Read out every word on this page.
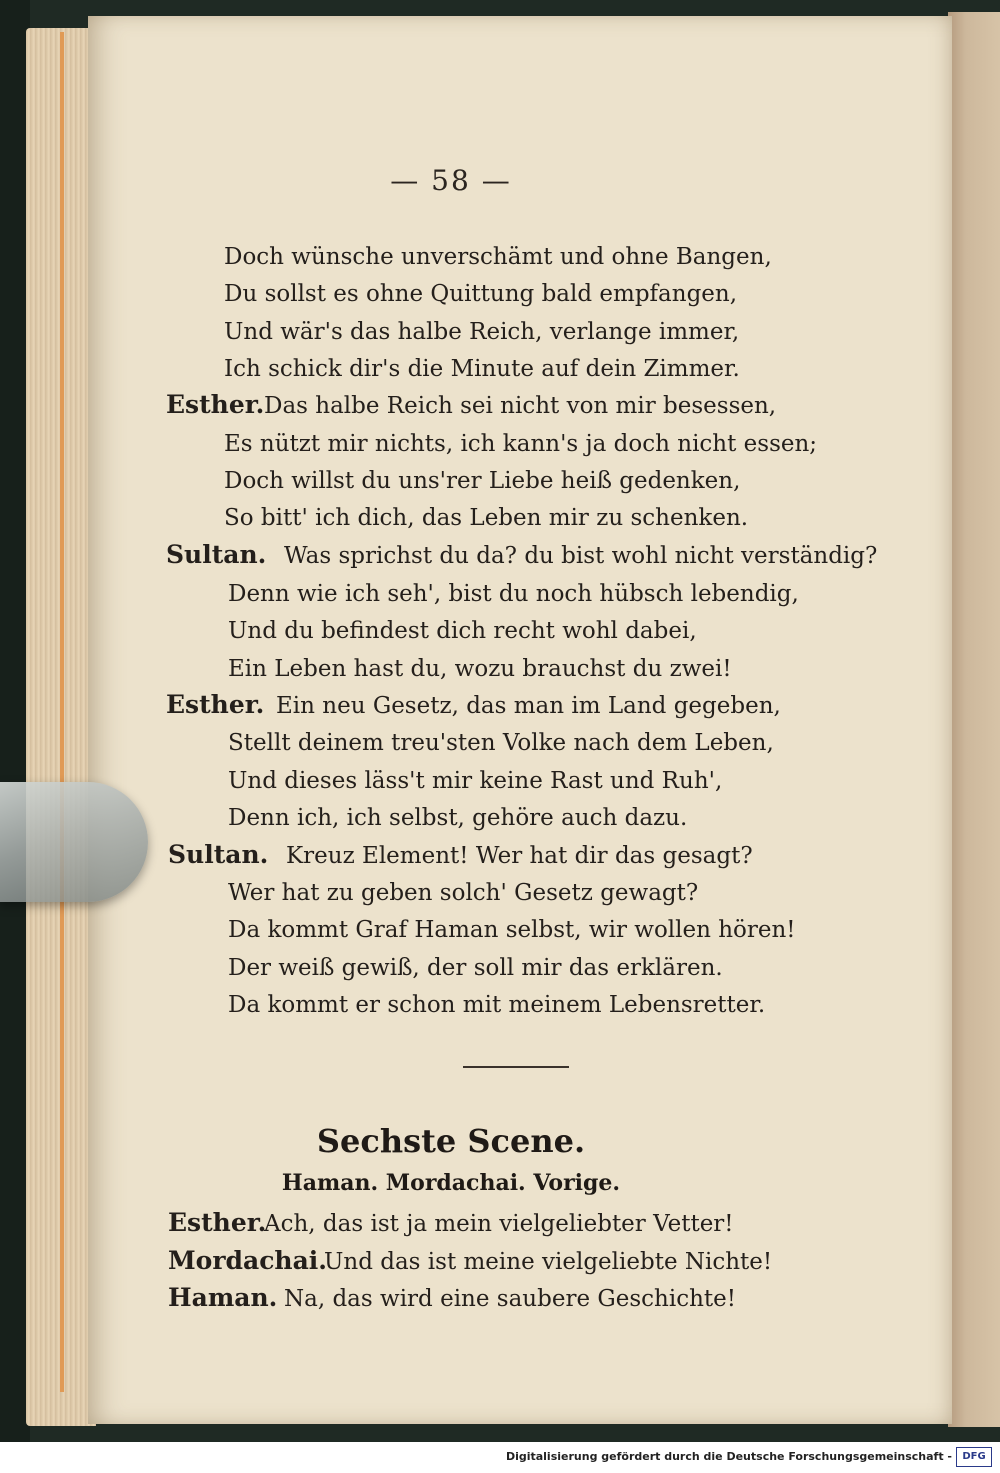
— 58 —
Doch wünsche unverschämt und ohne Bangen,
Du sollst es ohne Quittung bald empfangen,
Und wär's das halbe Reich, verlange immer,
Ich schick dir's die Minute auf dein Zimmer.
Esther. Das halbe Reich sei nicht von mir besessen,
Es nützt mir nichts, ich kann's ja doch nicht essen;
Doch willst du uns'rer Liebe heiß gedenken,
So bitt' ich dich, das Leben mir zu schenken.
Sultan. Was sprichst du da? du bist wohl nicht verständig?
Denn wie ich seh', bist du noch hübsch lebendig,
Und du befindest dich recht wohl dabei,
Ein Leben hast du, wozu brauchst du zwei!
Esther. Ein neu Gesetz, das man im Land gegeben,
Stellt deinem treu'sten Volke nach dem Leben,
Und dieses läss't mir keine Rast und Ruh',
Denn ich, ich selbst, gehöre auch dazu.
Sultan. Kreuz Element! Wer hat dir das gesagt?
Wer hat zu geben solch' Gesetz gewagt?
Da kommt Graf Haman selbst, wir wollen hören!
Der weiß gewiß, der soll mir das erklären.
Da kommt er schon mit meinem Lebensretter.
Sechste Scene.
Haman. Mordachai. Vorige.
Esther.
Ach, das ist ja mein vielgeliebter Vetter!
Mordachai.
Und das ist meine vielgeliebte Nichte!
Haman. Na, das wird eine saubere Geschichte!
Digitalisierung gefördert durch die Deutsche Forschungsgemeinschaft -	DFG
